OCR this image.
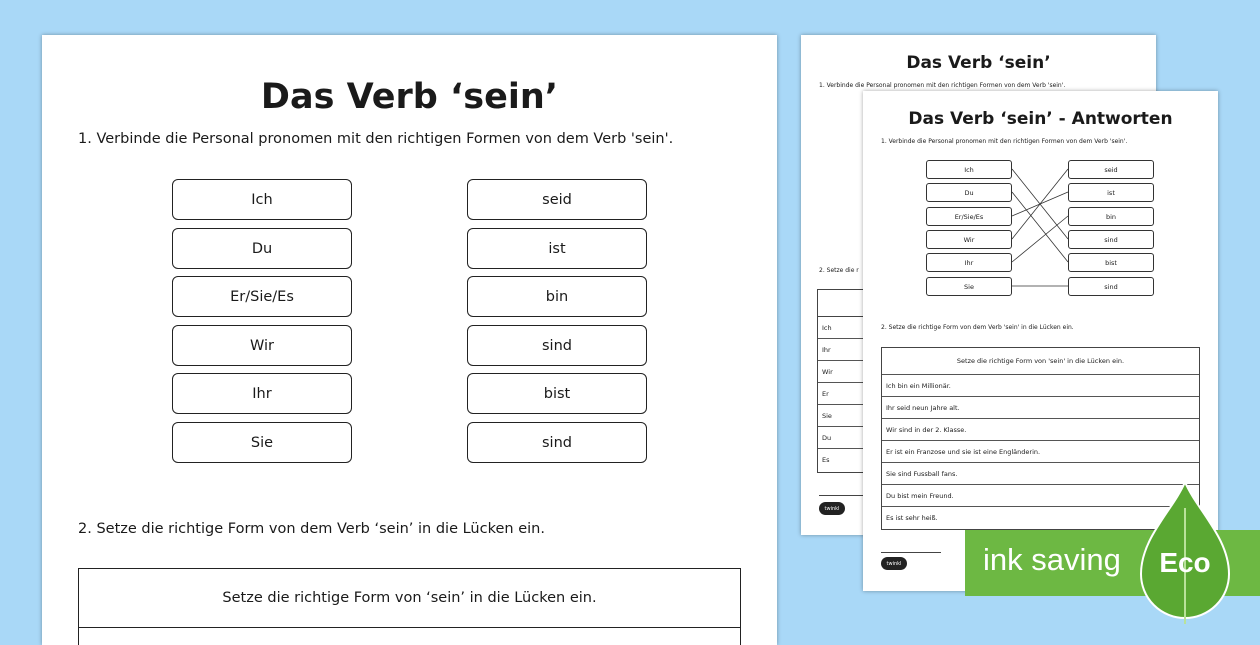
Das Verb ‘sein’
1. Verbinde die Personal pronomen mit den richtigen Formen von dem Verb 'sein'.
Ich
Du
Er/Sie/Es
Wir
Ihr
Sie
seid
ist
bin
sind
bist
sind
2. Setze die richtige Form von dem Verb ‘sein’ in die Lücken ein.
Setze die richtige Form von ‘sein’ in die Lücken ein.
Das Verb ‘sein’
1. Verbinde die Personal pronomen mit den richtigen Formen von dem Verb 'sein'.
2. Setze die r
Ich
Ihr
Wir
Er
Sie
Du
Es
twinkl
Das Verb ‘sein’ - Antworten
1. Verbinde die Personal pronomen mit den richtigen Formen von dem Verb 'sein'.
Ich
Du
Er/Sie/Es
Wir
Ihr
Sie
seid
ist
bin
sind
bist
sind
2. Setze die richtige Form von dem Verb 'sein' in die Lücken ein.
Setze die richtige Form von 'sein' in die Lücken ein.
Ich bin ein Millionär.
Ihr seid neun Jahre alt.
Wir sind in der 2. Klasse.
Er ist ein Franzose und sie ist eine Engländerin.
Sie sind Fussball fans.
Du bist mein Freund.
Es ist sehr heiß.
twinkl	ink saving Eco
